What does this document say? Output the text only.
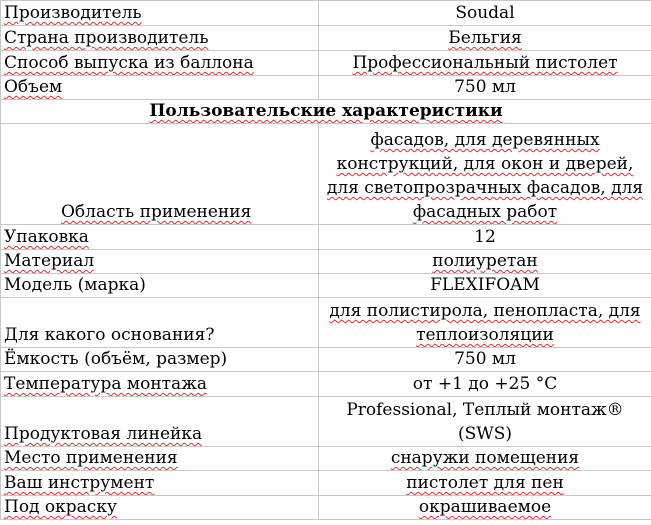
Производитель	Soudal
Страна производитель	Бельгия
Способ выпуска из баллона	Профессиональный пистолет
Объем	750 мл
Пользовательские характеристики	
Область применения	фасадов, для деревянных конструкций, для окон и дверей, для светопрозрачных фасадов, для фасадных работ
Упаковка	12
Материал	полиуретан
Модель (марка)	FLEXIFOAM
Для какого основания?	для полистирола, пенопласта, для теплоизоляции
Ёмкость (объём, размер)	750 мл
Температура монтажа	от +1 до +25 °C
Продуктовая линейка	Professional, Теплый монтаж® (SWS)
Место применения	снаружи помещения
Ваш инструмент	пистолет для пен
Под окраску	окрашиваемое
